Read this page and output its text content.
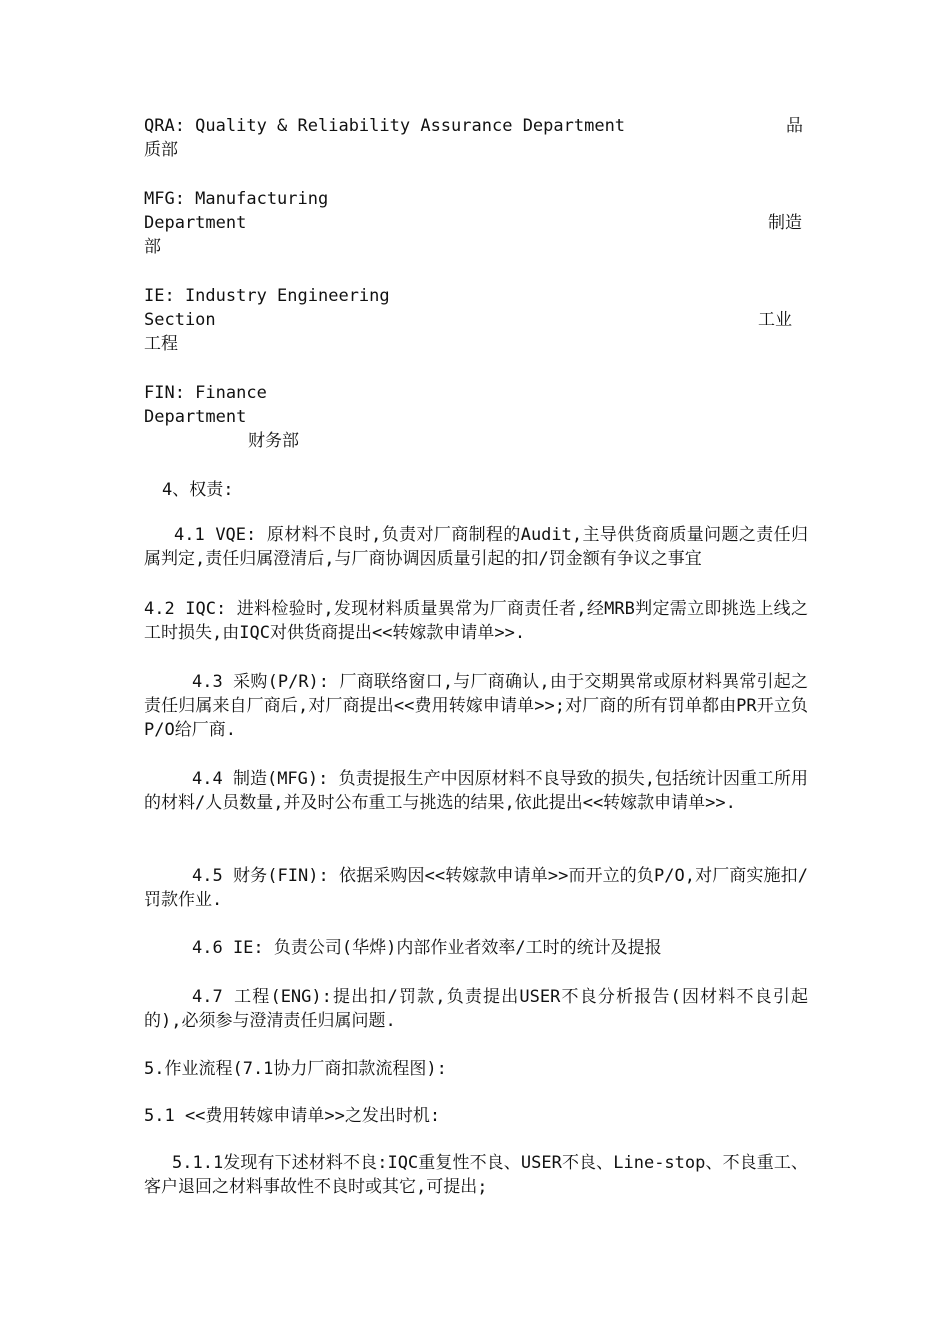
QRA: Quality & Reliability Assurance Department	品
质部
MFG: Manufacturing
Department	制造
部
IE: Industry Engineering
Section	工业
工程
FIN: Finance
Department
财务部
4、权责:

4.1 VQE: 原材料不良时,负责对厂商制程的Audit,主导供货商质量问题之责任归属判定,责任归属澄清后,与厂商协调因质量引起的扣/罚金额有争议之事宜

4.2 IQC: 进料检验时,发现材料质量異常为厂商责任者,经MRB判定需立即挑选上线之工时损失,由IQC对供货商提出<<转嫁款申请单>>.

4.3 采购(P/R): 厂商联络窗口,与厂商确认,由于交期異常或原材料異常引起之责任归属来自厂商后,对厂商提出<<费用转嫁申请单>>;对厂商的所有罚单都由PR开立负P/O给厂商.

4.4 制造(MFG): 负责提报生产中因原材料不良导致的损失,包括统计因重工所用的材料/人员数量,并及时公布重工与挑选的结果,依此提出<<转嫁款申请单>>.

4.5 财务(FIN): 依据采购因<<转嫁款申请单>>而开立的负P/O,对厂商实施扣/罚款作业.

4.6 IE: 负责公司(华烨)内部作业者效率/工时的统计及提报

4.7 工程(ENG):提出扣/罚款,负责提出USER不良分析报告(因材料不良引起的),必须参与澄清责任归属问题.

5.作业流程(7.1协力厂商扣款流程图):
5.1 <<费用转嫁申请单>>之发出时机:

5.1.1发现有下述材料不良:IQC重复性不良、USER不良、Line-stop、不良重工、客户退回之材料事故性不良时或其它,可提出;
